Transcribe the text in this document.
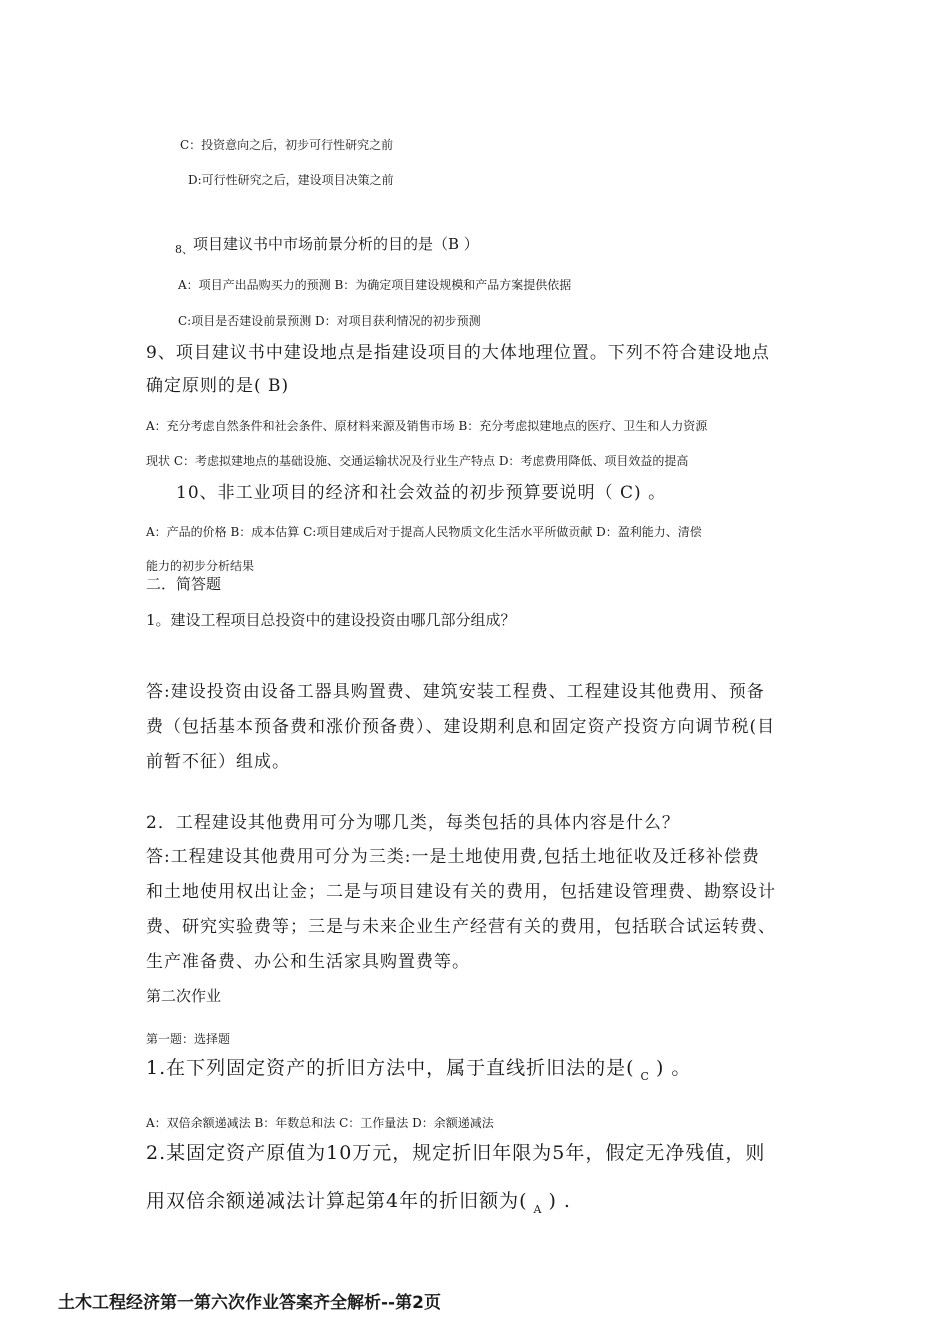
C：投资意向之后，初步可行性研究之前
D:可行性研究之后，建设项目决策之前
$_{8、}$项目建议书中市场前景分析的目的是（B ）
A：项目产出品购买力的预测 B：为确定项目建设规模和产品方案提供依据
C:项目是否建设前景预测 D：对项目获利情况的初步预测
9、项目建议书中建设地点是指建设项目的大体地理位置。下列不符合建设地点
确定原则的是( B)
A：充分考虑自然条件和社会条件、原材料来源及销售市场 B：充分考虑拟建地点的医疗、卫生和人力资源
现状 C：考虑拟建地点的基础设施、交通运输状况及行业生产特点 D：考虑费用降低、项目效益的提高
10、非工业项目的经济和社会效益的初步预算要说明（ C) 。
A：产品的价格 B：成本估算 C:项目建成后对于提高人民物质文化生活水平所做贡献 D：盈利能力、清偿
能力的初步分析结果
二．简答题
1。建设工程项目总投资中的建设投资由哪几部分组成？
答:建设投资由设备工器具购置费、建筑安装工程费、工程建设其他费用、预备
费（包括基本预备费和涨价预备费）、建设期利息和固定资产投资方向调节税(目
前暂不征）组成。
2．工程建设其他费用可分为哪几类，每类包括的具体内容是什么？
答:工程建设其他费用可分为三类:一是土地使用费,包括土地征收及迁移补偿费
和土地使用权出让金；二是与项目建设有关的费用，包括建设管理费、勘察设计
费、研究实验费等；三是与未来企业生产经营有关的费用，包括联合试运转费、
生产准备费、办公和生活家具购置费等。
第二次作业
第一题：选择题
1.在下列固定资产的折旧方法中，属于直线折旧法的是( $_C$ ) 。
A：双倍余额递减法 B：年数总和法 C：工作量法 D：余额递减法
2.某固定资产原值为10万元，规定折旧年限为5年，假定无净残值，则
用双倍余额递减法计算起第4年的折旧额为( $_A$ ) .
土木工程经济第一第六次作业答案齐全解析--第2页
